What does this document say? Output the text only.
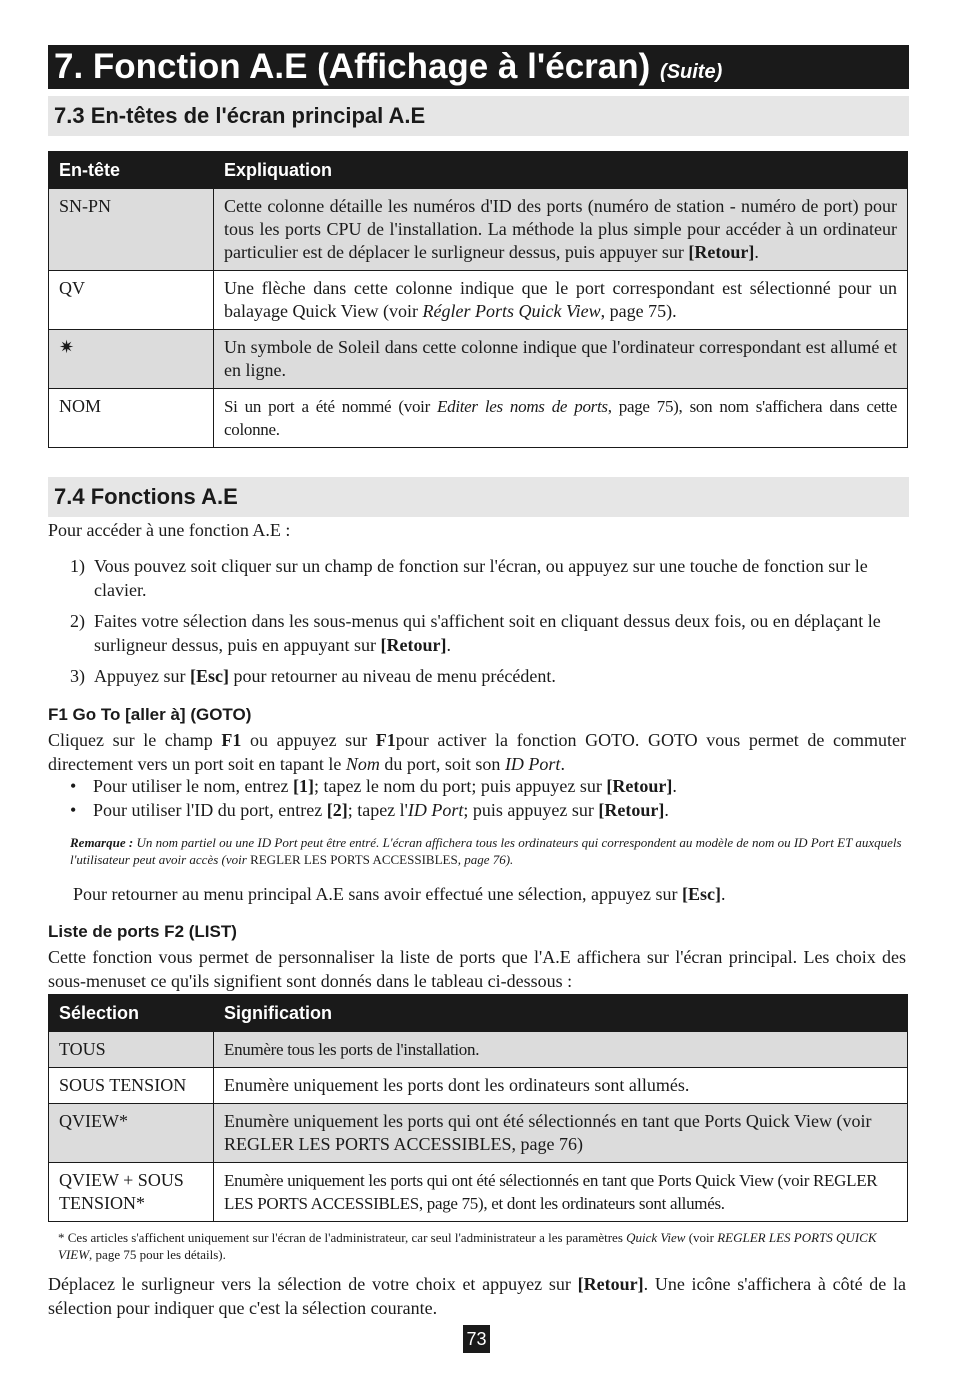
7. Fonction A.E (Affichage à l'écran) (Suite)
7.3 En-têtes de l'écran principal A.E
En-tête	Expliquation
SN-PN	Cette colonne détaille les numéros d'ID des ports (numéro de station - numéro de port) pour tous les ports CPU de l'installation. La méthode la plus simple pour accéder à un ordinateur particulier est de déplacer le surligneur dessus, puis appuyer sur [Retour].
QV	Une flèche dans cette colonne indique que le port correspondant est sélectionné pour un balayage Quick View (voir Régler Ports Quick View, page 75).
✷	Un symbole de Soleil dans cette colonne indique que l'ordinateur correspondant est allumé et en ligne.
NOM	Si un port a été nommé (voir Editer les noms de ports, page 75), son nom s'affichera dans cette colonne.
7.4 Fonctions A.E
Pour accéder à une fonction A.E :
1) Vous pouvez soit cliquer sur un champ de fonction sur l'écran, ou appuyez sur une touche de fonction sur le clavier.
2) Faites votre sélection dans les sous-menus qui s'affichent soit en cliquant dessus deux fois, ou en déplaçant le surligneur dessus, puis en appuyant sur [Retour].
3) Appuyez sur [Esc] pour retourner au niveau de menu précédent.
F1 Go To [aller à] (GOTO)
Cliquez sur le champ F1 ou appuyez sur F1pour activer la fonction GOTO. GOTO vous permet de commuter directement vers un port soit en tapant le Nom du port, soit son ID Port.
• Pour utiliser le nom, entrez [1]; tapez le nom du port; puis appuyez sur [Retour].
• Pour utiliser l'ID du port, entrez [2]; tapez l'ID Port; puis appuyez sur [Retour].
Remarque : Un nom partiel ou une ID Port peut être entré. L'écran affichera tous les ordinateurs qui correspondent au modèle de nom ou ID Port ET auxquels l'utilisateur peut avoir accès (voir REGLER LES PORTS ACCESSIBLES, page 76).
Pour retourner au menu principal A.E sans avoir effectué une sélection, appuyez sur [Esc].
Liste de ports F2 (LIST)
Cette fonction vous permet de personnaliser la liste de ports que l'A.E affichera sur l'écran principal. Les choix des sous-menuset ce qu'ils signifient sont donnés dans le tableau ci-dessous :
Sélection	Signification
TOUS	Enumère tous les ports de l'installation.
SOUS TENSION	Enumère uniquement les ports dont les ordinateurs sont allumés.
QVIEW*	Enumère uniquement les ports qui ont été sélectionnés en tant que Ports Quick View (voir REGLER LES PORTS ACCESSIBLES, page 76)
QVIEW + SOUS TENSION*	Enumère uniquement les ports qui ont été sélectionnés en tant que Ports Quick View (voir REGLER LES PORTS ACCESSIBLES, page 75), et dont les ordinateurs sont allumés.
* Ces articles s'affichent uniquement sur l'écran de l'administrateur, car seul l'administrateur a les paramètres Quick View (voir REGLER LES PORTS QUICK VIEW, page 75 pour les détails).
Déplacez le surligneur vers la sélection de votre choix et appuyez sur [Retour]. Une icône s'affichera à côté de la sélection pour indiquer que c'est la sélection courante.
73
